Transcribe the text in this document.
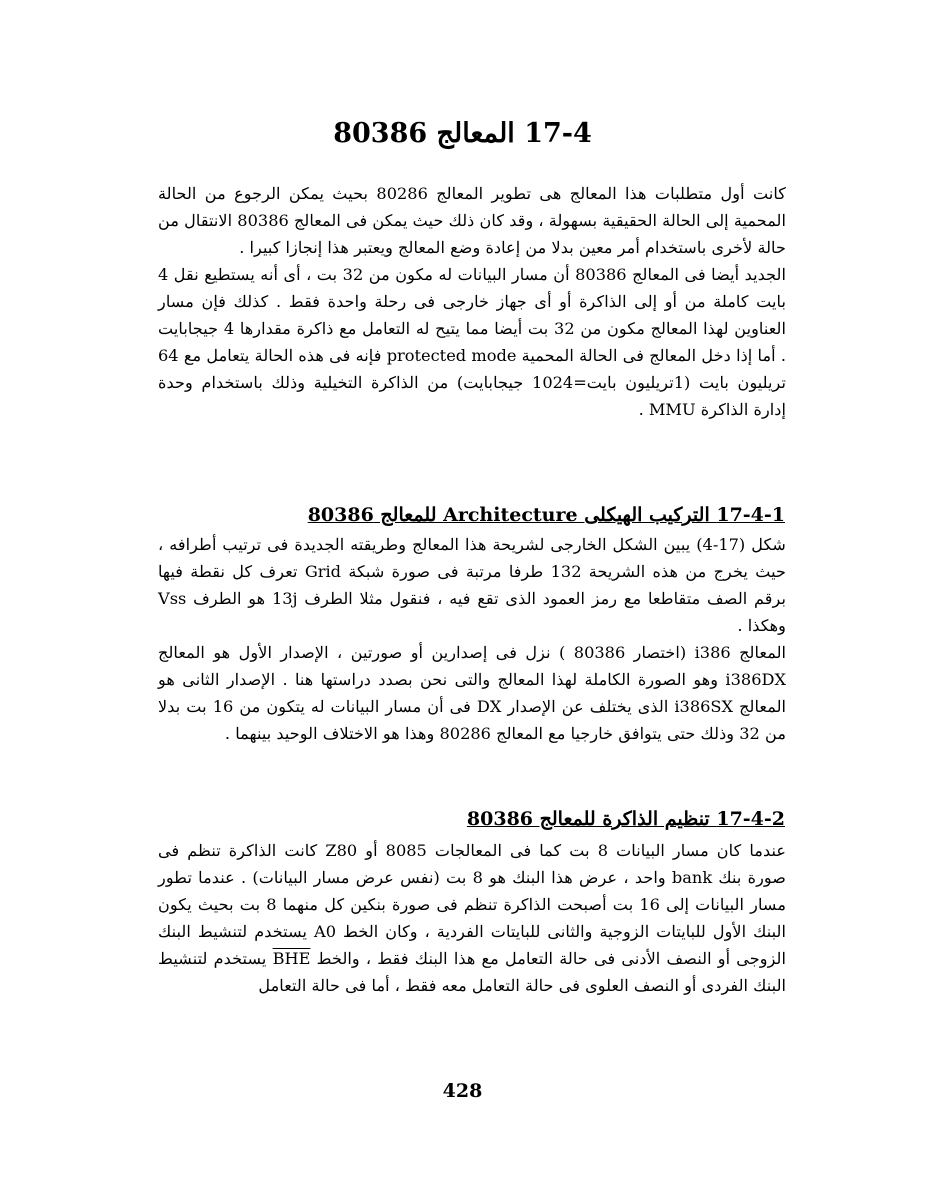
17-4 المعالج 80386

كانت أول متطلبات هذا المعالج هى تطوير المعالج 80286 بحيث يمكن الرجوع من الحالة المحمية إلى الحالة الحقيقية بسهولة ، وقد كان ذلك حيث يمكن فى المعالج 80386 الانتقال من حالة لأخرى باستخدام أمر معين بدلا من إعادة وضع المعالج ويعتبر هذا إنجازا كبيرا .

الجديد أيضا فى المعالج 80386 أن مسار البيانات له مكون من 32 بت ، أى أنه يستطيع نقل 4 بايت كاملة من أو إلى الذاكرة أو أى جهاز خارجى فى رحلة واحدة فقط . كذلك فإن مسار العناوين لهذا المعالج مكون من 32 بت أيضا مما يتيح له التعامل مع ذاكرة مقدارها 4 جيجابايت . أما إذا دخل المعالج فى الحالة المحمية protected mode فإنه فى هذه الحالة يتعامل مع 64 تريليون بايت (1تريليون بايت=1024 جيجابايت) من الذاكرة التخيلية وذلك باستخدام وحدة إدارة الذاكرة MMU .

17-4-1 التركيب الهيكلى Architecture للمعالج 80386

شكل (17-4) يبين الشكل الخارجى لشريحة هذا المعالج وطريقته الجديدة فى ترتيب أطرافه ، حيث يخرج من هذه الشريحة 132 طرفا مرتبة فى صورة شبكة Grid تعرف كل نقطة فيها برقم الصف متقاطعا مع رمز العمود الذى تقع فيه ، فنقول مثلا الطرف 13j هو الطرف Vss وهكذا .

المعالج i386 (اختصار 80386 ) نزل فى إصدارين أو صورتين ، الإصدار الأول هو المعالج i386DX وهو الصورة الكاملة لهذا المعالج والتى نحن بصدد دراستها هنا . الإصدار الثانى هو المعالج i386SX الذى يختلف عن الإصدار DX فى أن مسار البيانات له يتكون من 16 بت بدلا من 32 وذلك حتى يتوافق خارجيا مع المعالج 80286 وهذا هو الاختلاف الوحيد بينهما .

17-4-2 تنظيم الذاكرة للمعالج 80386

عندما كان مسار البيانات 8 بت كما فى المعالجات 8085 أو Z80 كانت الذاكرة تنظم فى صورة بنك bank واحد ، عرض هذا البنك هو 8 بت (نفس عرض مسار البيانات) . عندما تطور مسار البيانات إلى 16 بت أصبحت الذاكرة تنظم فى صورة بنكين كل منهما 8 بت بحيث يكون البنك الأول للبايتات الزوجية والثانى للبايتات الفردية ، وكان الخط A0 يستخدم لتنشيط البنك الزوجى أو النصف الأدنى فى حالة التعامل مع هذا البنك فقط ، والخط BHE يستخدم لتنشيط البنك الفردى أو النصف العلوى فى حالة التعامل معه فقط ، أما فى حالة التعامل

428
